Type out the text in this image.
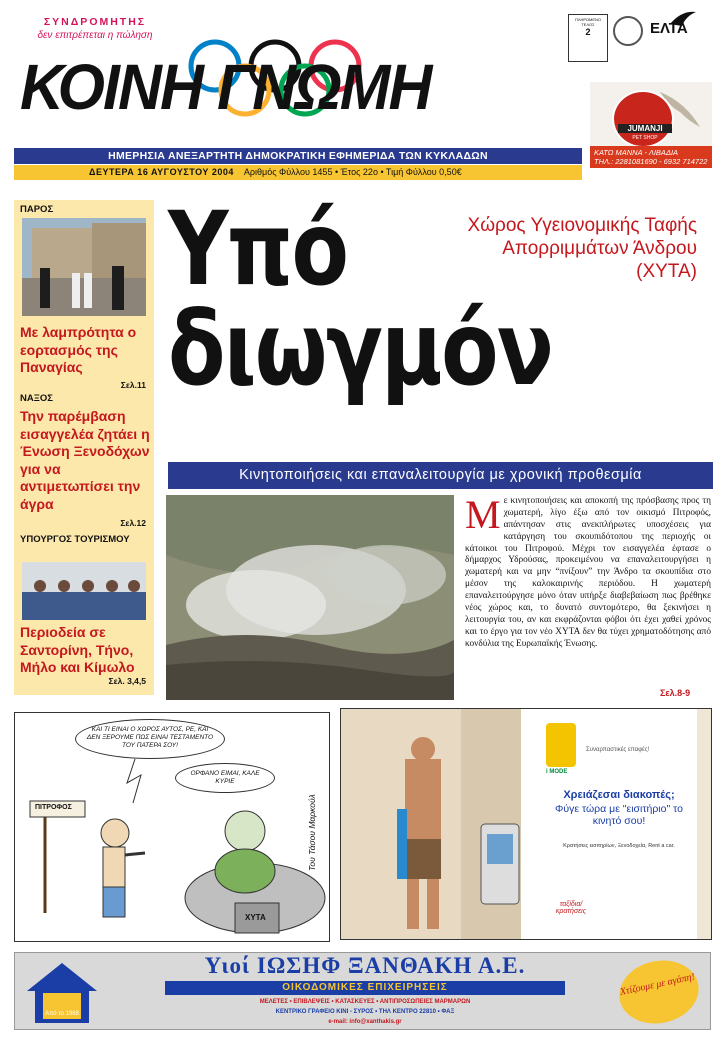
ΣΥΝΔΡΟΜΗΤΗΣ
δεν επιτρέπεται η πώληση
ΚΟΙΝΗ ΓΝΩΜΗ
ΠΛΗΡΩΜΕΝΟ ΤΕΛΟΣ
2	ΕΛΤΑ
JUMANJI
PET SHOP
ΚΑΤΩ ΜΑΝΝΑ - ΛΙΒΑΔΙΑ
ΤΗΛ.: 2281081690 - 6932 714722
ΗΜΕΡΗΣΙΑ ΑΝΕΞΑΡΤΗΤΗ ΔΗΜΟΚΡΑΤΙΚΗ ΕΦΗΜΕΡΙΔΑ ΤΩΝ ΚΥΚΛΑΔΩΝ
ΔΕΥΤΕΡΑ 16 ΑΥΓΟΥΣΤΟΥ 2004 Αριθμός Φύλλου 1455 • Έτος 22ο • Τιμή Φύλλου 0,50€
ΠΑΡΟΣ
Με λαμπρότητα ο εορτασμός της Παναγίας
Σελ.11
ΝΑΞΟΣ
Την παρέμβαση εισαγγελέα ζητάει η Ένωση Ξενοδόχων για να αντιμετωπίσει την άγρα
Σελ.12
ΥΠΟΥΡΓΟΣ ΤΟΥΡΙΣΜΟΥ
Περιοδεία σε Σαντορίνη, Τήνο, Μήλο και Κίμωλο
Σελ. 3,4,5
Υπό
διωγμόν
Χώρος Υγειονομικής Ταφής Απορριμμάτων Άνδρου (ΧΥΤΑ)
Κινητοποιήσεις και επαναλειτουργία με χρονική προθεσμία
Με κινητοποιήσεις και αποκοπή της πρόσβασης προς τη χωματερή, λίγο έξω από τον οικισμό Πιτροφός, απάντησαν στις ανεκπλήρωτες υποσχέσεις για κατάργηση του σκουπιδότοπου της περιοχής οι κάτοικοι του Πιτροφού. Μέχρι τον εισαγγελέα έφτασε ο δήμαρχος Υδρούσας, προκειμένου να επαναλειτουργήσει η χωματερή και να μην “πνίξουν” την Άνδρο τα σκουπίδια στο μέσον της καλοκαιρινής περιόδου. Η χωματερή επαναλειτούργησε μόνο όταν υπήρξε διαβεβαίωση πως βρέθηκε νέος χώρος και, το δυνατό συντομότερο, θα ξεκινήσει η λειτουργία του, αν και εκφράζονται φόβοι ότι έχει χαθεί χρόνος και το έργο για τον νέο ΧΥΤΑ δεν θα τύχει χρηματοδότησης από κονδύλια της Ευρωπαϊκής Ένωσης.
Σελ.8-9
ΚΑΙ ΤΙ ΕΙΝΑΙ Ο ΧΩΡΟΣ ΑΥΤΟΣ, ΡΕ, ΚΑΙ ΔΕΝ ΞΕΡΟΥΜΕ ΠΩΣ ΕΙΝΑΙ ΤΕΣΤΑΜΕΝΤΟ ΤΟΥ ΠΑΤΕΡΑ ΣΟΥ!
ΟΡΦΑΝΟ ΕΙΜΑΙ, ΚΑΛΕ ΚΥΡΙΕ
ΠΙΤΡΟΦΟΣ
ΧΥΤΑ
Του Τάσου Μαρκούλ
i MODE
Συναρπαστικές επαφές!
Χρειάζεσαι διακοπές;
Φύγε τώρα με "εισιτήριο" το κινητό σου!
Κρατήσεις εισιτηρίων, Ξενοδοχεία, Rent a car.
ταξίδια/ κρατήσεις
Από το 1968
Υιοί ΙΩΣΗΦ ΞΑΝΘΑΚΗ Α.Ε.
ΟΙΚΟΔΟΜΙΚΕΣ ΕΠΙΧΕΙΡΗΣΕΙΣ
ΜΕΛΕΤΕΣ • ΕΠΙΒΛΕΨΕΙΣ • ΚΑΤΑΣΚΕΥΕΣ • ΑΝΤΙΠΡΟΣΩΠΕΙΕΣ ΜΑΡΜΑΡΩΝ
ΚΕΝΤΡΙΚΟ ΓΡΑΦΕΙΟ ΚΙΝΙ - ΣΥΡΟΣ • ΤΗΛ ΚΕΝΤΡΟ 22810 • ΦΑΞ
e-mail: info@xanthakis.gr
Χτίζουμε με αγάπη!
